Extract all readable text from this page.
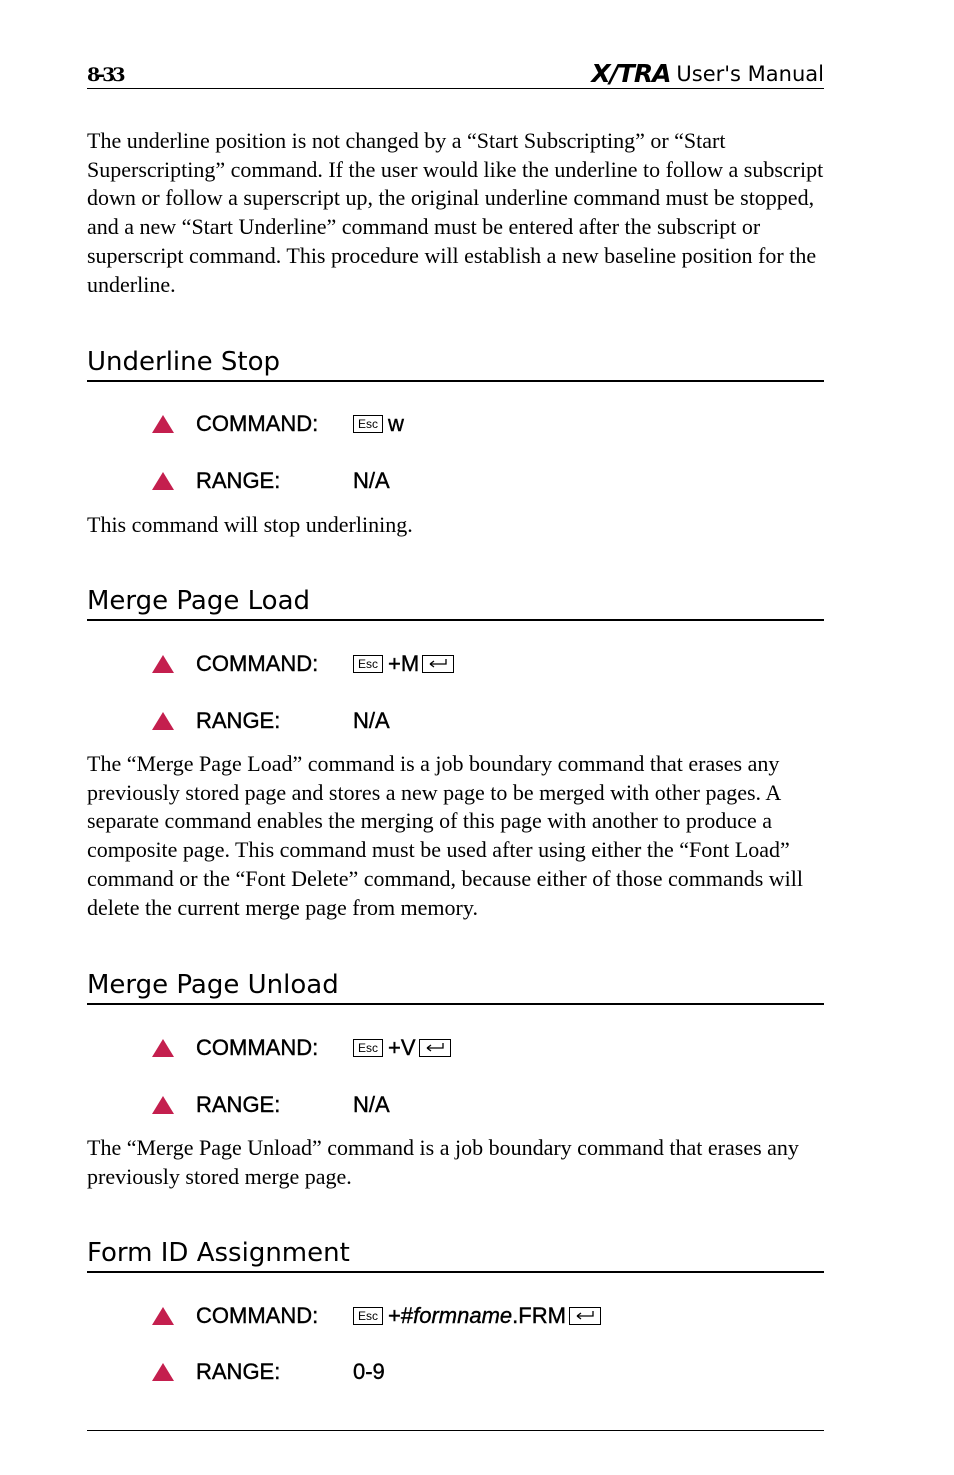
8-33	X/TRA User's Manual

The underline position is not changed by a “Start Subscripting” or “Start Superscripting” command. If the user would like the underline to follow a subscript down or follow a superscript up, the original underline command must be stopped, and a new “Start Underline” command must be entered after the subscript or superscript command. This procedure will establish a new baseline position for the underline.

Underline Stop
COMMAND:	Esc w
RANGE:	N/A

This command will stop underlining.

Merge Page Load
COMMAND:	Esc +M
RANGE:	N/A

The “Merge Page Load” command is a job boundary command that erases any previously stored page and stores a new page to be merged with other pages. A separate command enables the merging of this page with another to produce a composite page. This command must be used after using either the “Font Load” command or the “Font Delete” command, because either of those commands will delete the current merge page from memory.

Merge Page Unload
COMMAND:	Esc +V
RANGE:	N/A

The “Merge Page Unload” command is a job boundary command that erases any previously stored merge page.

Form ID Assignment
COMMAND:	Esc +# formname .FRM
RANGE:	0-9
